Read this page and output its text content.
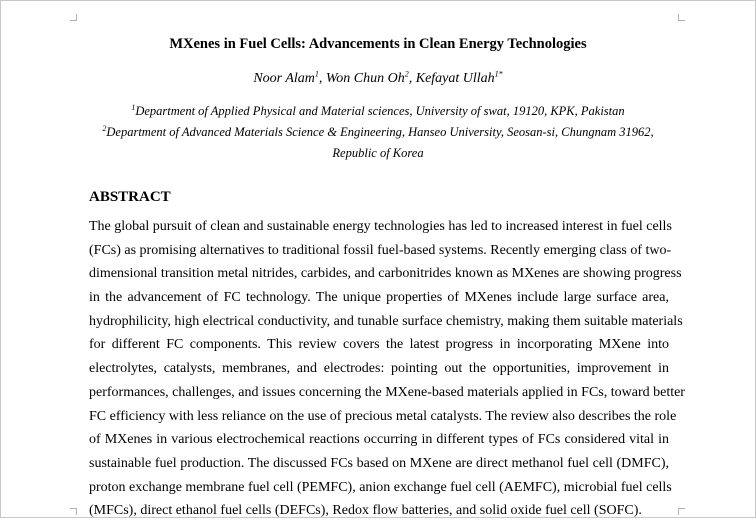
MXenes in Fuel Cells: Advancements in Clean Energy Technologies
Noor Alam$^1$, Won Chun Oh$^2$, Kefayat Ullah$^{1*}$
$^1$Department of Applied Physical and Material sciences, University of swat, 19120, KPK, Pakistan
$^2$Department of Advanced Materials Science & Engineering, Hanseo University, Seosan-si, Chungnam 31962,
Republic of Korea
ABSTRACT
The global pursuit of clean and sustainable energy technologies has led to increased interest in fuel cells
(FCs) as promising alternatives to traditional fossil fuel-based systems. Recently emerging class of two-
dimensional transition metal nitrides, carbides, and carbonitrides known as MXenes are showing progress
in the advancement of FC technology. The unique properties of MXenes include large surface area,
hydrophilicity, high electrical conductivity, and tunable surface chemistry, making them suitable materials
for different FC components. This review covers the latest progress in incorporating MXene into
electrolytes, catalysts, membranes, and electrodes: pointing out the opportunities, improvement in
performances, challenges, and issues concerning the MXene-based materials applied in FCs, toward better
FC efficiency with less reliance on the use of precious metal catalysts. The review also describes the role
of MXenes in various electrochemical reactions occurring in different types of FCs considered vital in
sustainable fuel production. The discussed FCs based on MXene are direct methanol fuel cell (DMFC),
proton exchange membrane fuel cell (PEMFC), anion exchange fuel cell (AEMFC), microbial fuel cells
(MFCs), direct ethanol fuel cells (DEFCs), Redox flow batteries, and solid oxide fuel cell (SOFC).
